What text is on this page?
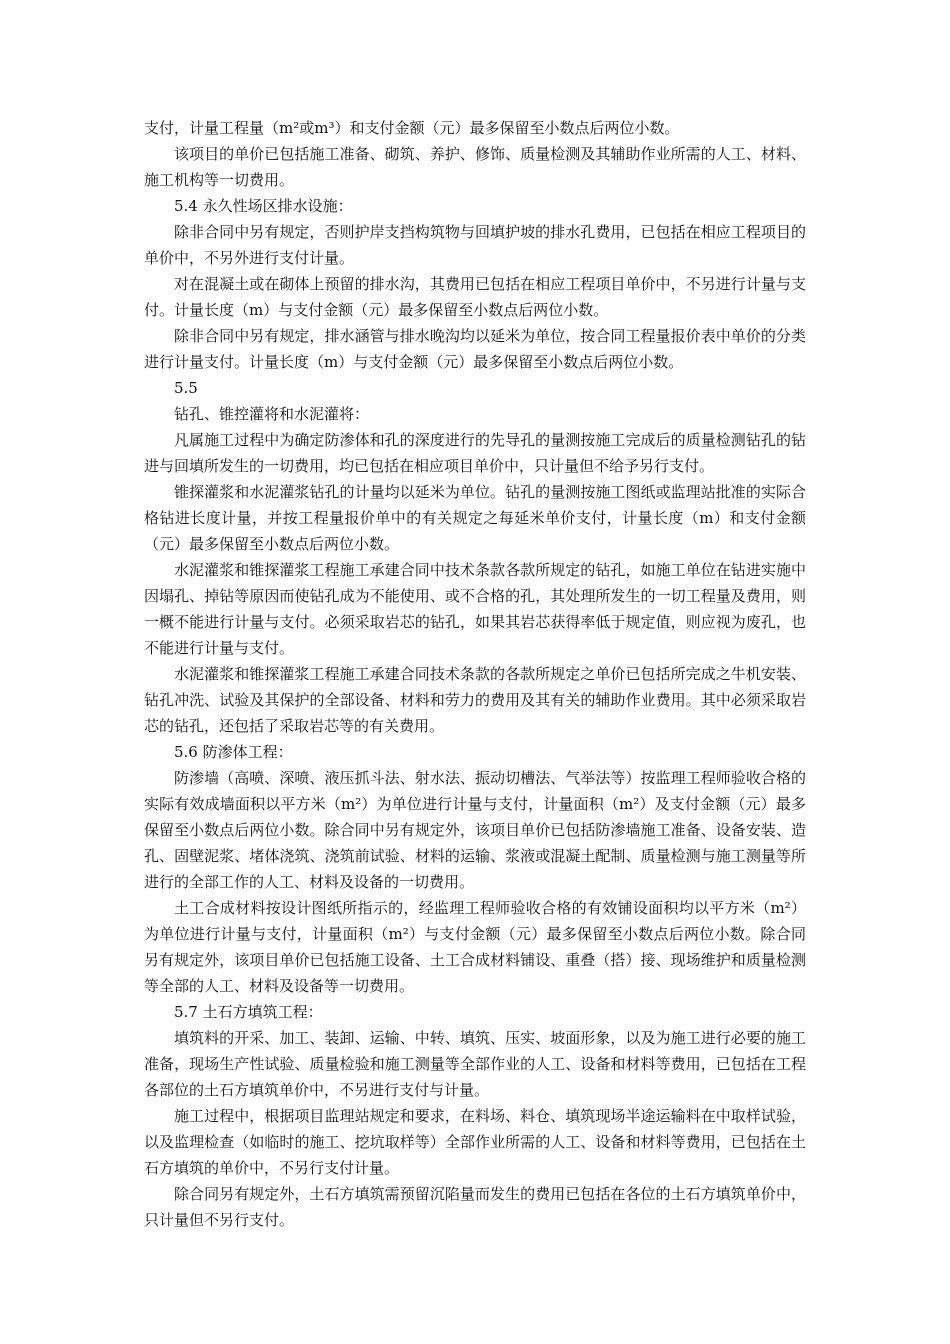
支付，计量工程量（m²或m³）和支付金额（元）最多保留至小数点后两位小数。

该项目的单价已包括施工准备、砌筑、养护、修饰、质量检测及其辅助作业所需的人工、材料、施工机构等一切费用。

5.4 永久性场区排水设施：

除非合同中另有规定，否则护岸支挡构筑物与回填护坡的排水孔费用，已包括在相应工程项目的单价中，不另外进行支付计量。

对在混凝土或在砌体上预留的排水沟，其费用已包括在相应工程项目单价中，不另进行计量与支付。计量长度（m）与支付金额（元）最多保留至小数点后两位小数。

除非合同中另有规定，排水涵管与排水晚沟均以延米为单位，按合同工程量报价表中单价的分类进行计量支付。计量长度（m）与支付金额（元）最多保留至小数点后两位小数。

5.5

钻孔、锥控灌将和水泥灌将：

凡属施工过程中为确定防渗体和孔的深度进行的先导孔的量测按施工完成后的质量检测钻孔的钻进与回填所发生的一切费用，均已包括在相应项目单价中，只计量但不给予另行支付。

锥探灌浆和水泥灌浆钻孔的计量均以延米为单位。钻孔的量测按施工图纸或监理站批准的实际合格钻进长度计量，并按工程量报价单中的有关规定之每延米单价支付，计量长度（m）和支付金额（元）最多保留至小数点后两位小数。

水泥灌浆和锥探灌浆工程施工承建合同中技术条款各款所规定的钻孔，如施工单位在钻进实施中因塌孔、掉钻等原因而使钻孔成为不能使用、或不合格的孔，其处理所发生的一切工程量及费用，则一概不能进行计量与支付。必须采取岩芯的钻孔，如果其岩芯获得率低于规定值，则应视为废孔，也不能进行计量与支付。

水泥灌浆和锥探灌浆工程施工承建合同技术条款的各款所规定之单价已包括所完成之牛机安装、钻孔冲洗、试验及其保护的全部设备、材料和劳力的费用及其有关的辅助作业费用。其中必须采取岩芯的钻孔，还包括了采取岩芯等的有关费用。

5.6 防渗体工程：

防渗墙（高喷、深喷、液压抓斗法、射水法、振动切槽法、气举法等）按监理工程师验收合格的实际有效成墙面积以平方米（m²）为单位进行计量与支付，计量面积（m²）及支付金额（元）最多保留至小数点后两位小数。除合同中另有规定外，该项目单价已包括防渗墙施工准备、设备安装、造孔、固壁泥浆、堵体浇筑、浇筑前试验、材料的运输、浆液或混凝土配制、质量检测与施工测量等所进行的全部工作的人工、材料及设备的一切费用。

土工合成材料按设计图纸所指示的，经监理工程师验收合格的有效铺设面积均以平方米（m²）为单位进行计量与支付，计量面积（m²）与支付金额（元）最多保留至小数点后两位小数。除合同另有规定外，该项目单价已包括施工设备、土工合成材料铺设、重叠（搭）接、现场维护和质量检测等全部的人工、材料及设备等一切费用。

5.7 土石方填筑工程：

填筑料的开采、加工、装卸、运输、中转、填筑、压实、坡面形象，以及为施工进行必要的施工准备，现场生产性试验、质量检验和施工测量等全部作业的人工、设备和材料等费用，已包括在工程各部位的土石方填筑单价中，不另进行支付与计量。

施工过程中，根据项目监理站规定和要求，在料场、料仓、填筑现场半途运输料在中取样试验，以及监理检查（如临时的施工、挖坑取样等）全部作业所需的人工、设备和材料等费用，已包括在土石方填筑的单价中，不另行支付计量。

除合同另有规定外，土石方填筑需预留沉陷量而发生的费用已包括在各位的土石方填筑单价中，只计量但不另行支付。
